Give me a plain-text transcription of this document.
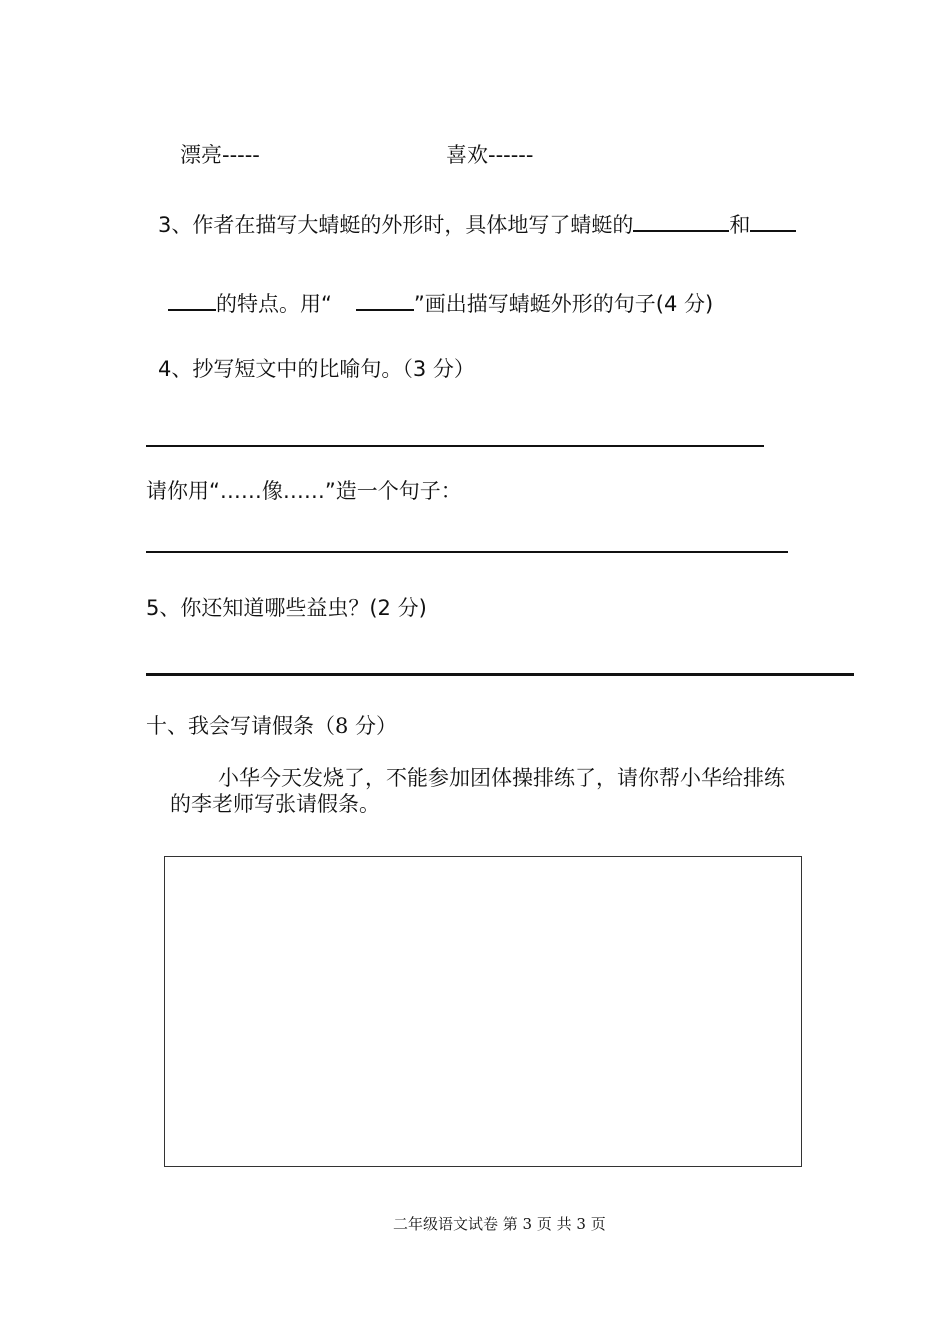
漂亮-----	喜欢------
3、作者在描写大蜻蜓的外形时，具体地写了蜻蜓的	和
的特点。用“	”画出描写蜻蜓外形的句子(4 分)
4、抄写短文中的比喻句。（3 分）
请你用“……像……”造一个句子：
5、你还知道哪些益虫？(2 分)
十、我会写请假条（8 分）
小华今天发烧了，不能参加团体操排练了，请你帮小华给排练
的李老师写张请假条。
二年级语文试卷 第 3 页 共 3 页
